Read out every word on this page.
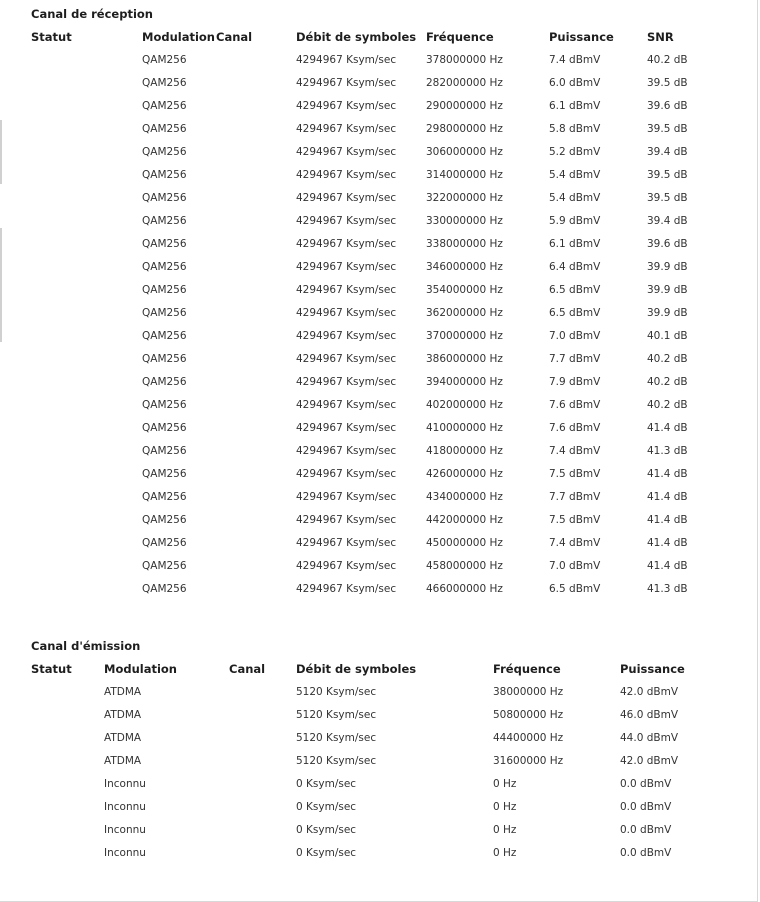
Canal de réception
Statut	Modulation	Canal	Débit de symboles	Fréquence	Puissance	SNR
	QAM256		4294967 Ksym/sec	378000000 Hz	7.4 dBmV	40.2 dB
	QAM256		4294967 Ksym/sec	282000000 Hz	6.0 dBmV	39.5 dB
	QAM256		4294967 Ksym/sec	290000000 Hz	6.1 dBmV	39.6 dB
	QAM256		4294967 Ksym/sec	298000000 Hz	5.8 dBmV	39.5 dB
	QAM256		4294967 Ksym/sec	306000000 Hz	5.2 dBmV	39.4 dB
	QAM256		4294967 Ksym/sec	314000000 Hz	5.4 dBmV	39.5 dB
	QAM256		4294967 Ksym/sec	322000000 Hz	5.4 dBmV	39.5 dB
	QAM256		4294967 Ksym/sec	330000000 Hz	5.9 dBmV	39.4 dB
	QAM256		4294967 Ksym/sec	338000000 Hz	6.1 dBmV	39.6 dB
	QAM256		4294967 Ksym/sec	346000000 Hz	6.4 dBmV	39.9 dB
	QAM256		4294967 Ksym/sec	354000000 Hz	6.5 dBmV	39.9 dB
	QAM256		4294967 Ksym/sec	362000000 Hz	6.5 dBmV	39.9 dB
	QAM256		4294967 Ksym/sec	370000000 Hz	7.0 dBmV	40.1 dB
	QAM256		4294967 Ksym/sec	386000000 Hz	7.7 dBmV	40.2 dB
	QAM256		4294967 Ksym/sec	394000000 Hz	7.9 dBmV	40.2 dB
	QAM256		4294967 Ksym/sec	402000000 Hz	7.6 dBmV	40.2 dB
	QAM256		4294967 Ksym/sec	410000000 Hz	7.6 dBmV	41.4 dB
	QAM256		4294967 Ksym/sec	418000000 Hz	7.4 dBmV	41.3 dB
	QAM256		4294967 Ksym/sec	426000000 Hz	7.5 dBmV	41.4 dB
	QAM256		4294967 Ksym/sec	434000000 Hz	7.7 dBmV	41.4 dB
	QAM256		4294967 Ksym/sec	442000000 Hz	7.5 dBmV	41.4 dB
	QAM256		4294967 Ksym/sec	450000000 Hz	7.4 dBmV	41.4 dB
	QAM256		4294967 Ksym/sec	458000000 Hz	7.0 dBmV	41.4 dB
	QAM256		4294967 Ksym/sec	466000000 Hz	6.5 dBmV	41.3 dB
Canal d'émission
Statut	Modulation	Canal	Débit de symboles	Fréquence	Puissance
	ATDMA		5120 Ksym/sec	38000000 Hz	42.0 dBmV
	ATDMA		5120 Ksym/sec	50800000 Hz	46.0 dBmV
	ATDMA		5120 Ksym/sec	44400000 Hz	44.0 dBmV
	ATDMA		5120 Ksym/sec	31600000 Hz	42.0 dBmV
	Inconnu		0 Ksym/sec	0 Hz	0.0 dBmV
	Inconnu		0 Ksym/sec	0 Hz	0.0 dBmV
	Inconnu		0 Ksym/sec	0 Hz	0.0 dBmV
	Inconnu		0 Ksym/sec	0 Hz	0.0 dBmV
